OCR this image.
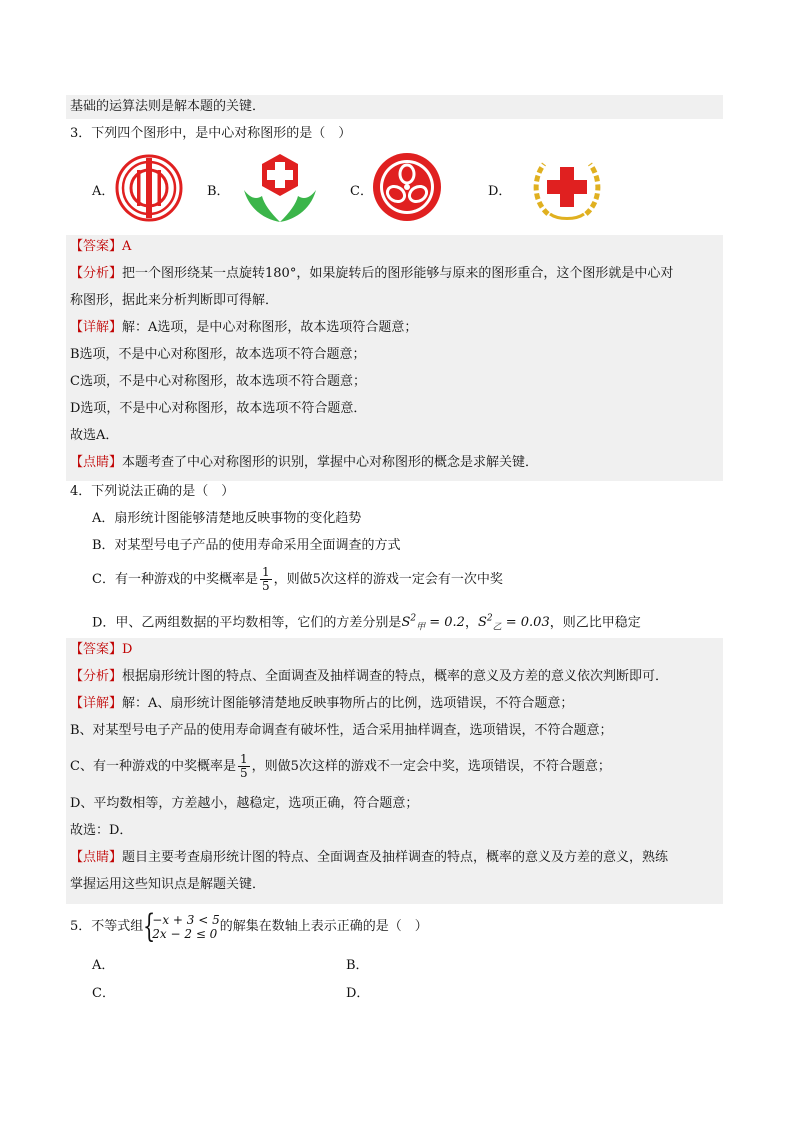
基础的运算法则是解本题的关键．
3．下列四个图形中，是中心对称图形的是（　）
A．	B．	C．	D．
【答案】A
【分析】把一个图形绕某一点旋转180°，如果旋转后的图形能够与原来的图形重合，这个图形就是中心对
称图形，据此来分析判断即可得解．
【详解】解：A选项，是中心对称图形，故本选项符合题意；
B选项，不是中心对称图形，故本选项不符合题意；
C选项，不是中心对称图形，故本选项不符合题意；
D选项，不是中心对称图形，故本选项不符合题意．
故选A．
【点睛】本题考查了中心对称图形的识别，掌握中心对称图形的概念是求解关键．
4．下列说法正确的是（　）
A．扇形统计图能够清楚地反映事物的变化趋势
B．对某型号电子产品的使用寿命采用全面调查的方式
C．有一种游戏的中奖概率是 $\frac{1}{5}$ ，则做5次这样的游戏一定会有一次中奖
D．甲、乙两组数据的平均数相等，它们的方差分别是$S^2_甲 = 0.2$，$S^2_乙 = 0.03$，则乙比甲稳定
【答案】D
【分析】根据扇形统计图的特点、全面调查及抽样调查的特点，概率的意义及方差的意义依次判断即可．
【详解】解：A、扇形统计图能够清楚地反映事物所占的比例，选项错误，不符合题意；
B、对某型号电子产品的使用寿命调查有破坏性，适合采用抽样调查，选项错误，不符合题意；
C、有一种游戏的中奖概率是 $\frac{1}{5}$ ，则做5次这样的游戏不一定会中奖，选项错误，不符合题意；
D、平均数相等，方差越小，越稳定，选项正确，符合题意；
故选：D．
【点睛】题目主要考查扇形统计图的特点、全面调查及抽样调查的特点，概率的意义及方差的意义，熟练
掌握运用这些知识点是解题关键．
5．不等式组 {
−x + 3 < 5
2x − 2 ≤ 0 的解集在数轴上表示正确的是（　）
A．	B．
C．	D．
